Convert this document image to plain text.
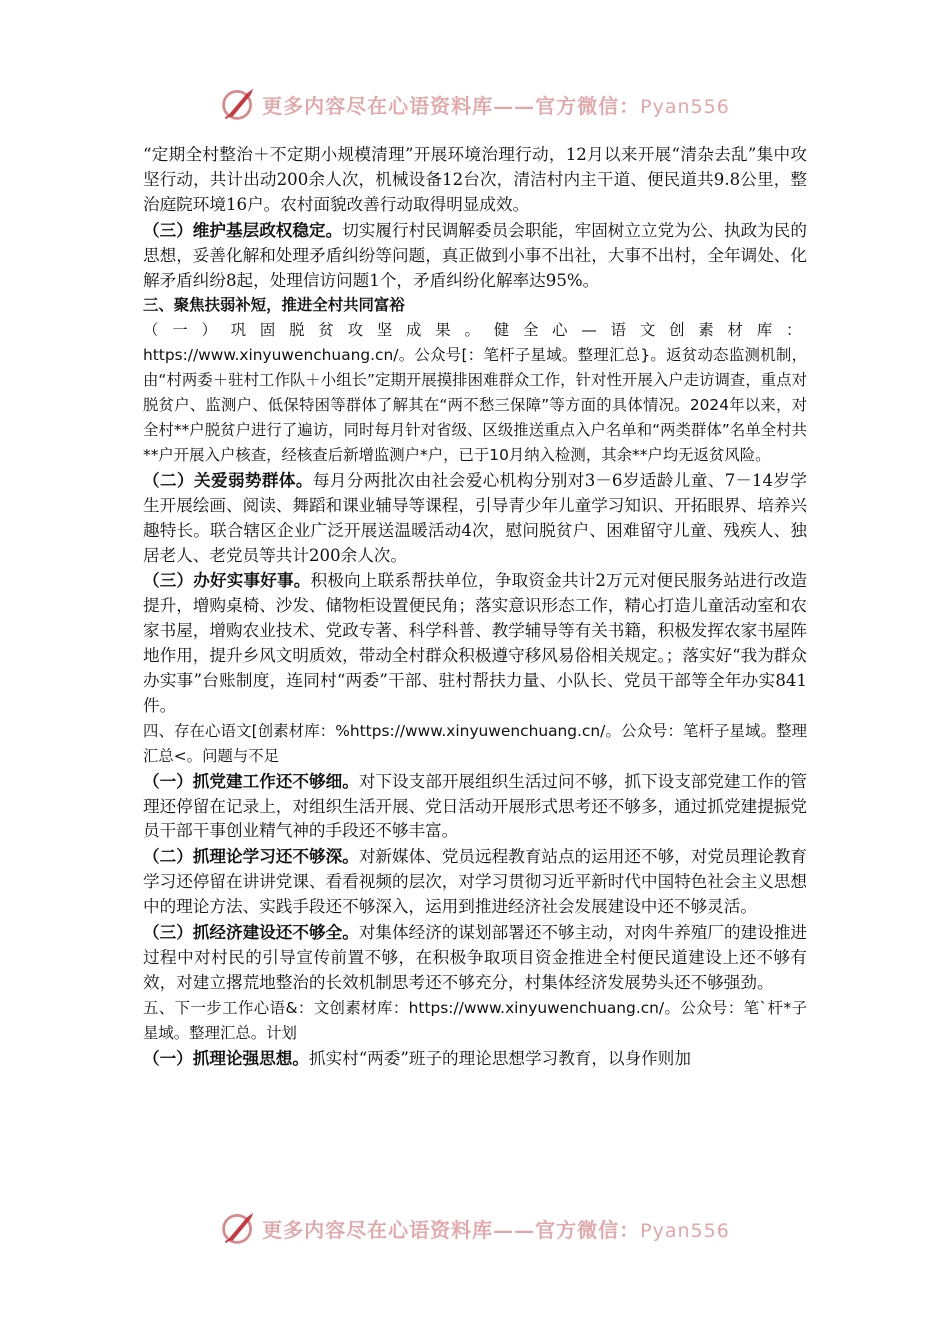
更多内容尽在心语资料库——官方微信：Pyan556

“定期全村整治＋不定期小规模清理”开展环境治理行动，12月以来开展“清杂去乱”集中攻坚行动，共计出动200余人次，机械设备12台次，清洁村内主干道、便民道共9.8公里，整治庭院环境16户。农村面貌改善行动取得明显成效。

（三）维护基层政权稳定。切实履行村民调解委员会职能，牢固树立立党为公、执政为民的思想，妥善化解和处理矛盾纠纷等问题，真正做到小事不出社，大事不出村，全年调处、化解矛盾纠纷8起，处理信访问题1个，矛盾纠纷化解率达95%。

三、聚焦扶弱补短，推进全村共同富裕

（一）巩固脱贫攻坚成果。健全心—语文创素材库：https://www.xinyuwenchuang.cn/。公众号[：笔杆子星域。整理汇总}。返贫动态监测机制，由“村两委＋驻村工作队＋小组长”定期开展摸排困难群众工作，针对性开展入户走访调查，重点对脱贫户、监测户、低保特困等群体了解其在“两不愁三保障”等方面的具体情况。2024年以来，对全村**户脱贫户进行了遍访，同时每月针对省级、区级推送重点入户名单和“两类群体”名单全村共**户开展入户核查，经核查后新增监测户*户，已于10月纳入检测，其余**户均无返贫风险。

（二）关爱弱势群体。每月分两批次由社会爱心机构分别对3－6岁适龄儿童、7－14岁学生开展绘画、阅读、舞蹈和课业辅导等课程，引导青少年儿童学习知识、开拓眼界、培养兴趣特长。联合辖区企业广泛开展送温暖活动4次，慰问脱贫户、困难留守儿童、残疾人、独居老人、老党员等共计200余人次。

（三）办好实事好事。积极向上联系帮扶单位，争取资金共计2万元对便民服务站进行改造提升，增购桌椅、沙发、储物柜设置便民角；落实意识形态工作，精心打造儿童活动室和农家书屋，增购农业技术、党政专著、科学科普、教学辅导等有关书籍，积极发挥农家书屋阵地作用，提升乡风文明质效，带动全村群众积极遵守移风易俗相关规定。；落实好“我为群众办实事”台账制度，连同村“两委”干部、驻村帮扶力量、小队长、党员干部等全年办实841件。

四、存在心语文[创素材库：%https://www.xinyuwenchuang.cn/。公众号：笔杆子星域。整理汇总<。问题与不足

（一）抓党建工作还不够细。对下设支部开展组织生活过问不够，抓下设支部党建工作的管理还停留在记录上，对组织生活开展、党日活动开展形式思考还不够多，通过抓党建提振党员干部干事创业精气神的手段还不够丰富。

（二）抓理论学习还不够深。对新媒体、党员远程教育站点的运用还不够，对党员理论教育学习还停留在讲讲党课、看看视频的层次，对学习贯彻习近平新时代中国特色社会主义思想中的理论方法、实践手段还不够深入，运用到推进经济社会发展建设中还不够灵活。

（三）抓经济建设还不够全。对集体经济的谋划部署还不够主动，对肉牛养殖厂的建设推进过程中对村民的引导宣传前置不够，在积极争取项目资金推进全村便民道建设上还不够有效，对建立撂荒地整治的长效机制思考还不够充分，村集体经济发展势头还不够强劲。

五、下一步工作心语&：文创素材库：https://www.xinyuwenchuang.cn/。公众号：笔`杆*子星域。整理汇总。计划

（一）抓理论强思想。抓实村“两委”班子的理论思想学习教育，以身作则加

更多内容尽在心语资料库——官方微信：Pyan556
